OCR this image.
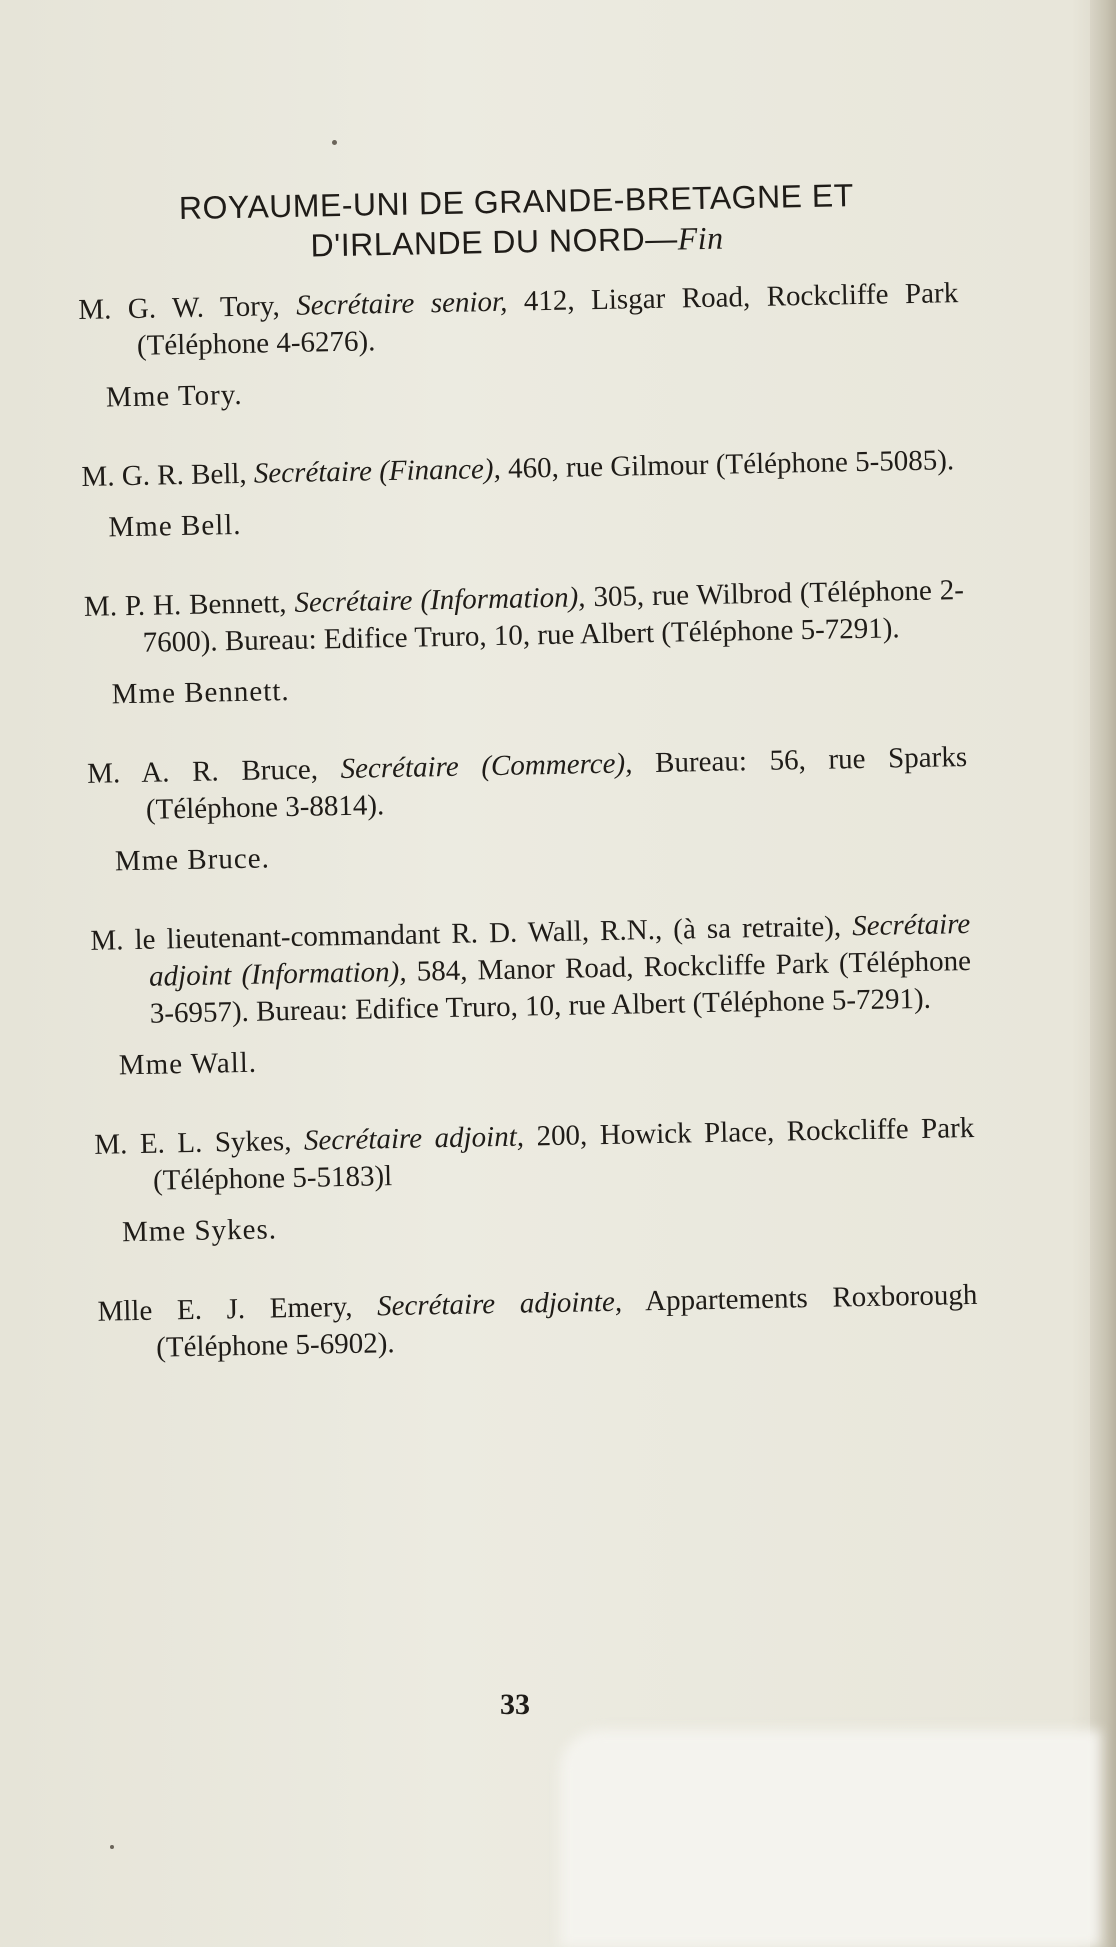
ROYAUME-UNI DE GRANDE-BRETAGNE ET
D'IRLANDE DU NORD—Fin
M. G. W. Tory, Secrétaire senior, 412, Lisgar Road, Rockcliffe Park (Téléphone 4-6276).
Mme Tory.
M. G. R. Bell, Secrétaire (Finance), 460, rue Gilmour (Téléphone 5-5085).
Mme Bell.
M. P. H. Bennett, Secrétaire (Information), 305, rue Wilbrod (Téléphone 2-7600). Bureau: Edifice Truro, 10, rue Albert (Téléphone 5-7291).
Mme Bennett.
M. A. R. Bruce, Secrétaire (Commerce), Bureau: 56, rue Sparks (Téléphone 3-8814).
Mme Bruce.
M. le lieutenant-commandant R. D. Wall, R.N., (à sa retraite), Secrétaire adjoint (Information), 584, Manor Road, Rockcliffe Park (Téléphone 3-6957). Bureau: Edifice Truro, 10, rue Albert (Téléphone 5-7291).
Mme Wall.
M. E. L. Sykes, Secrétaire adjoint, 200, Howick Place, Rockcliffe Park (Téléphone 5-5183)l
Mme Sykes.
Mlle E. J. Emery, Secrétaire adjointe, Appartements Roxborough (Téléphone 5-6902).
33
